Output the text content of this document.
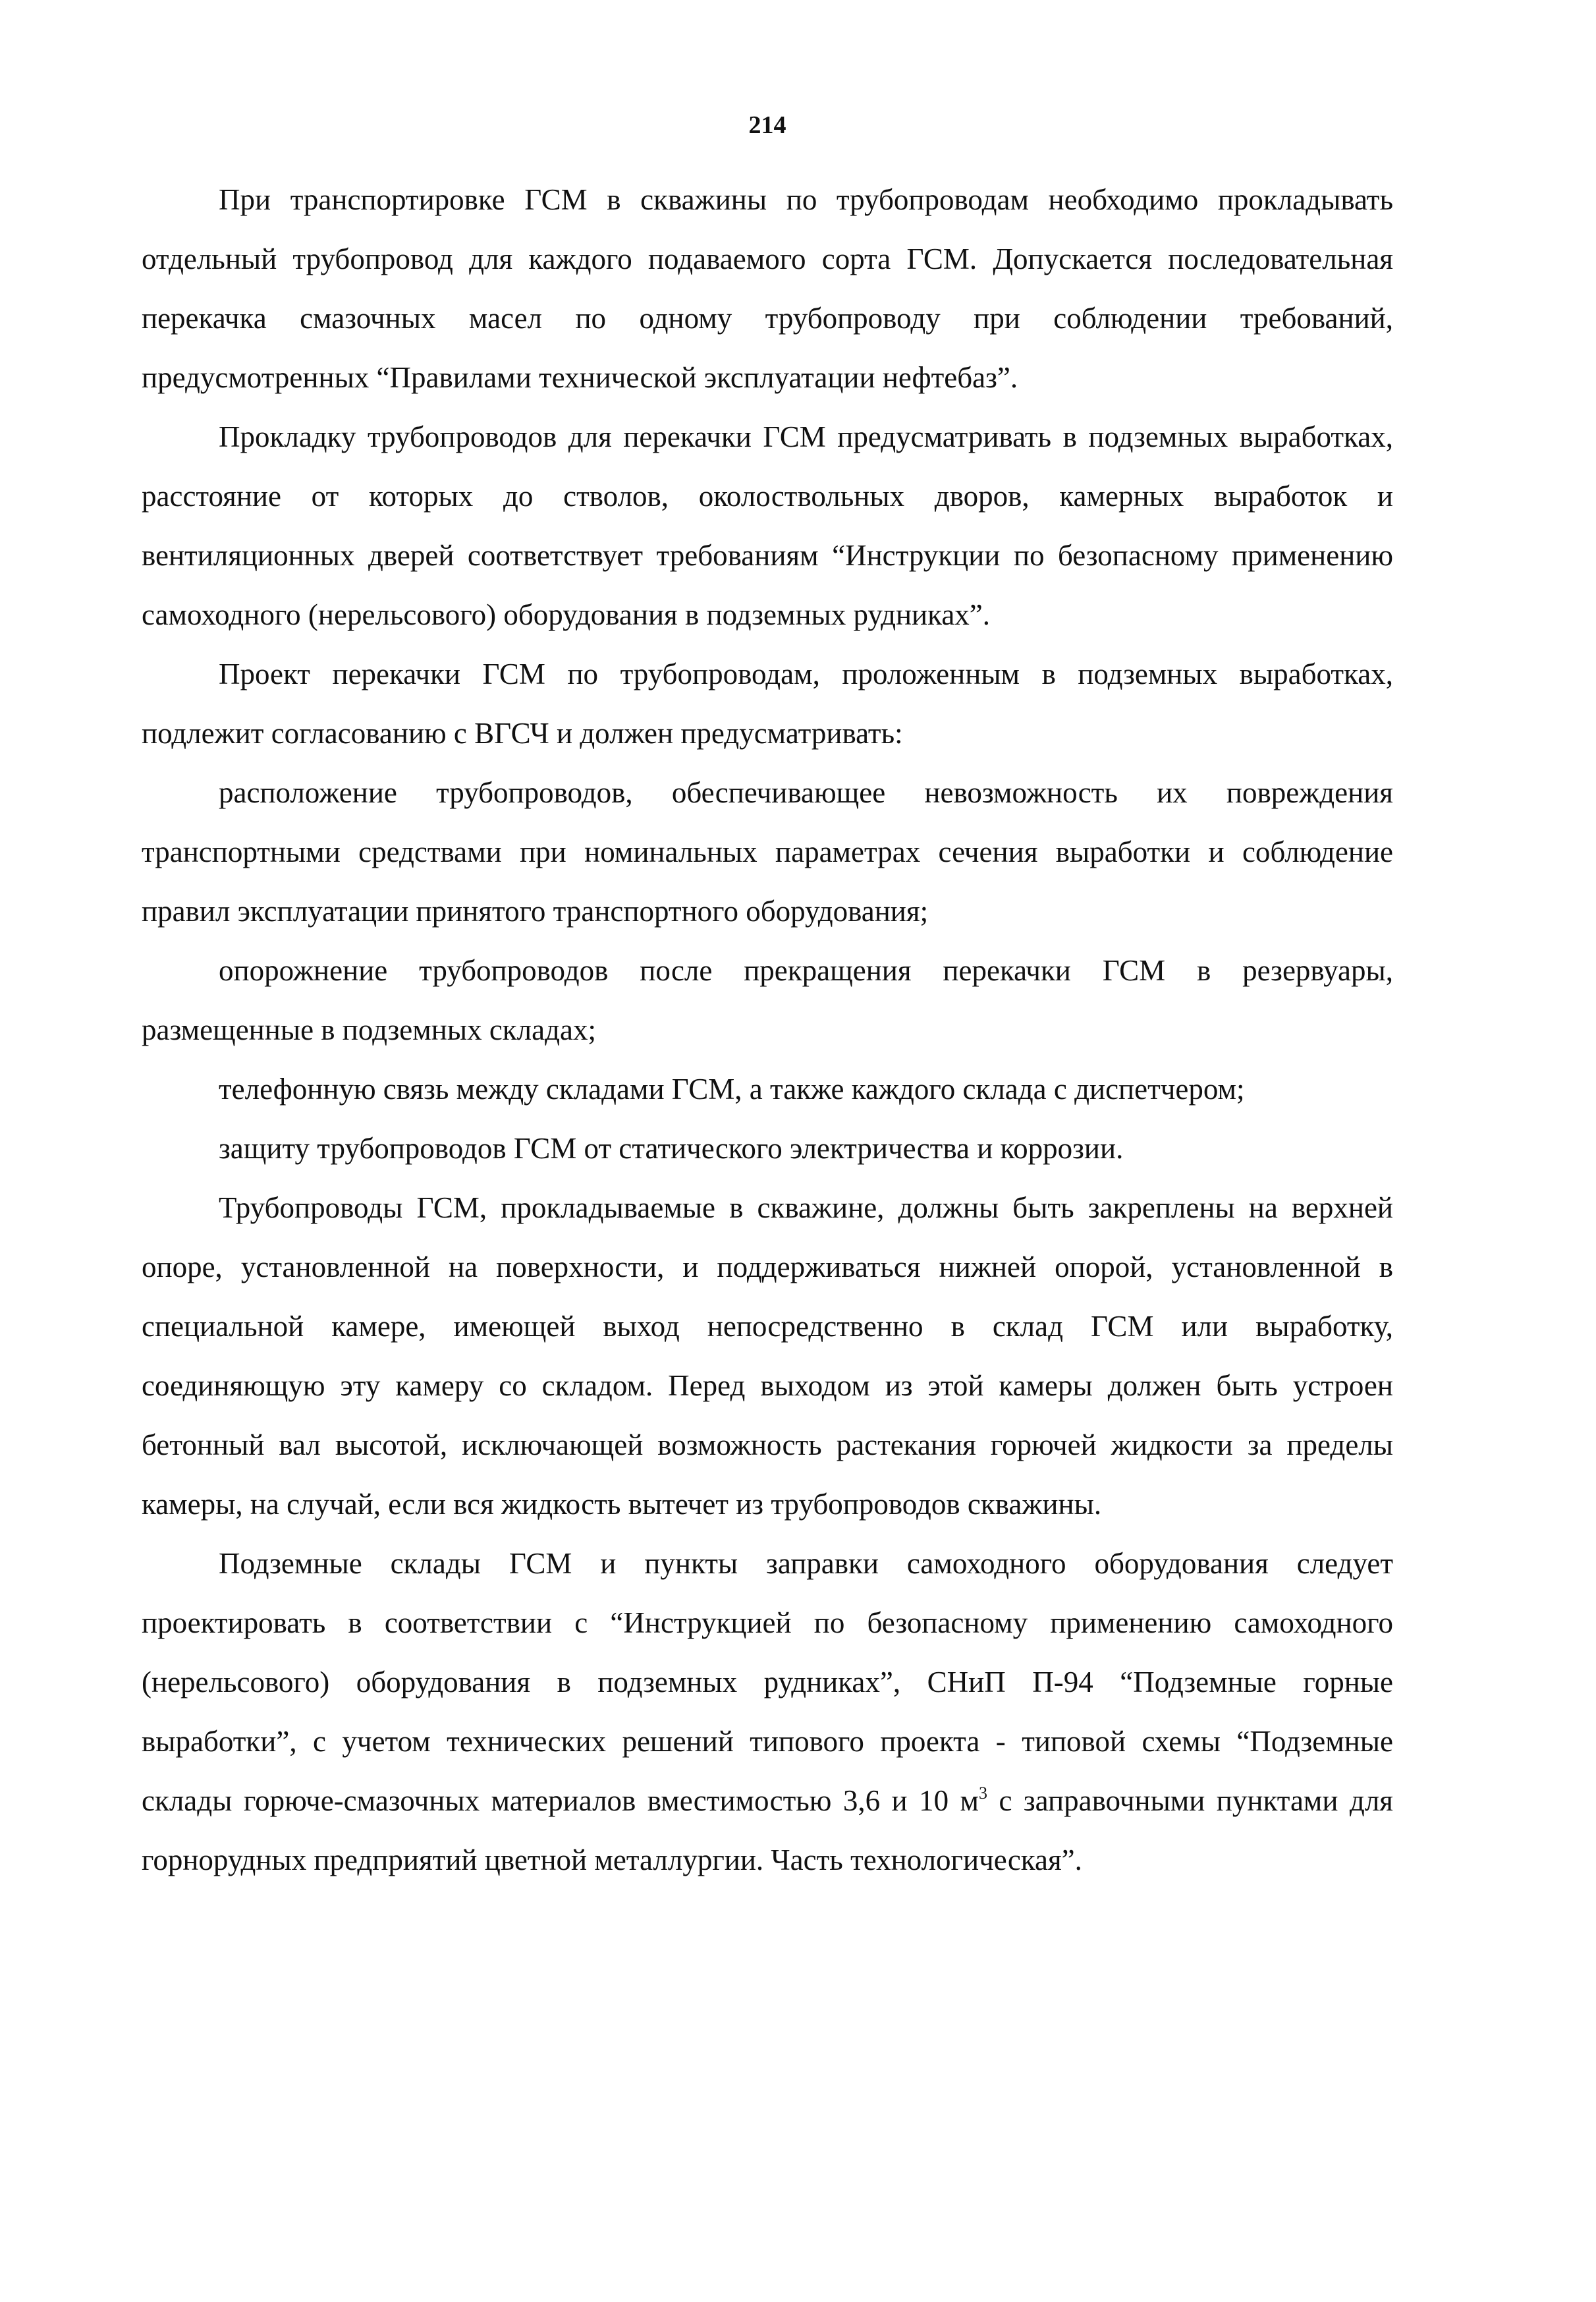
214

При транспортировке ГСМ в скважины по трубопроводам необходимо прокладывать отдельный трубопровод для каждого подаваемого сорта ГСМ. Допускается последовательная перекачка смазочных масел по одному трубопроводу при соблюдении требований, предусмотренных “Правилами технической эксплуатации нефтебаз”.

Прокладку трубопроводов для перекачки ГСМ предусматривать в подземных выработках, расстояние от которых до стволов, околоствольных дворов, камерных выработок и вентиляционных дверей соответствует требованиям “Инструкции по безопасному применению самоходного (нерельсового) оборудования в подземных рудниках”.

Проект перекачки ГСМ по трубопроводам, проложенным в подземных выработках, подлежит согласованию с ВГСЧ и должен предусматривать:

расположение трубопроводов, обеспечивающее невозможность их повреждения транспортными средствами при номинальных параметрах сечения выработки и соблюдение правил эксплуатации принятого транспортного оборудования;

опорожнение трубопроводов после прекращения перекачки ГСМ в резервуары, размещенные в подземных складах;

телефонную связь между складами ГСМ, а также каждого склада с диспетчером;

защиту трубопроводов ГСМ от статического электричества и коррозии.

Трубопроводы ГСМ, прокладываемые в скважине, должны быть закреплены на верхней опоре, установленной на поверхности, и поддерживаться нижней опорой, установленной в специальной камере, имеющей выход непосредственно в склад ГСМ или выработку, соединяющую эту камеру со складом. Перед выходом из этой камеры должен быть устроен бетонный вал высотой, исключающей возможность растекания горючей жидкости за пределы камеры, на случай, если вся жидкость вытечет из трубопроводов скважины.

Подземные склады ГСМ и пункты заправки самоходного оборудования следует проектировать в соответствии с “Инструкцией по безопасному применению самоходного (нерельсового) оборудования в подземных рудниках”, СНиП П-94 “Подземные горные выработки”, с учетом технических решений типового проекта - типовой схемы “Подземные склады горюче-смазочных материалов вместимостью 3,6 и 10 $м^3$ с заправочными пунктами для горнорудных предприятий цветной металлургии. Часть технологическая”.
